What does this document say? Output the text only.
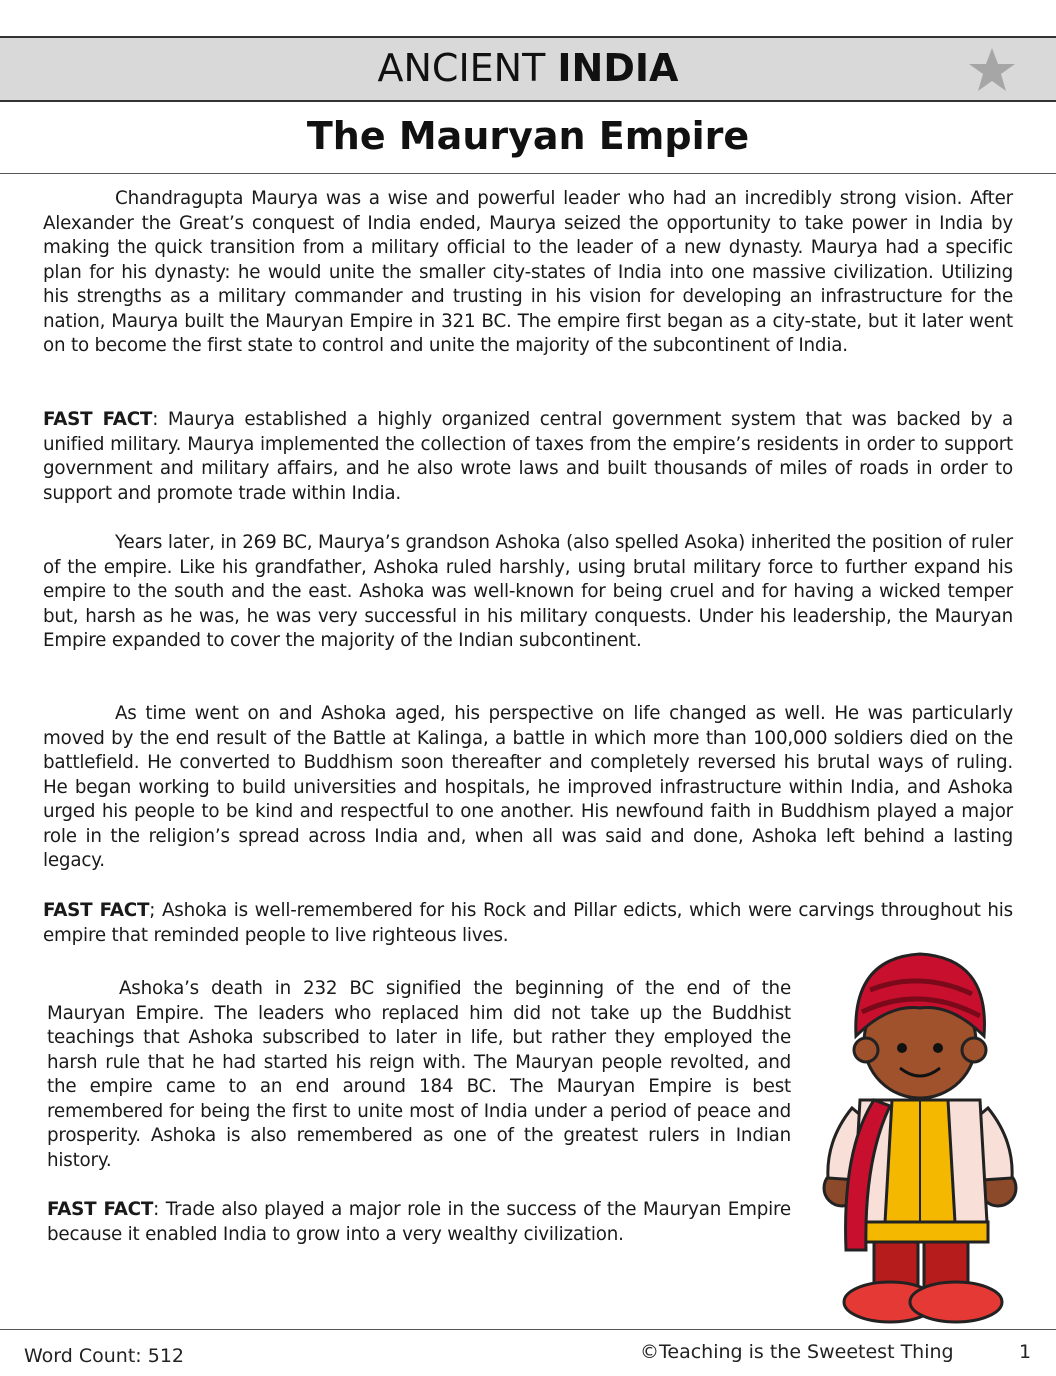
ANCIENT INDIA
The Mauryan Empire

Chandragupta Maurya was a wise and powerful leader who had an incredibly strong vision. After Alexander the Great’s conquest of India ended, Maurya seized the opportunity to take power in India by making the quick transition from a military official to the leader of a new dynasty. Maurya had a specific plan for his dynasty: he would unite the smaller city-states of India into one massive civilization. Utilizing his strengths as a military commander and trusting in his vision for developing an infrastructure for the nation, Maurya built the Mauryan Empire in 321 BC. The empire first began as a city-state, but it later went on to become the first state to control and unite the majority of the subcontinent of India.

FAST FACT: Maurya established a highly organized central government system that was backed by a unified military. Maurya implemented the collection of taxes from the empire’s residents in order to support government and military affairs, and he also wrote laws and built thousands of miles of roads in order to support and promote trade within India.

Years later, in 269 BC, Maurya’s grandson Ashoka (also spelled Asoka) inherited the position of ruler of the empire. Like his grandfather, Ashoka ruled harshly, using brutal military force to further expand his empire to the south and the east. Ashoka was well-known for being cruel and for having a wicked temper but, harsh as he was, he was very successful in his military conquests. Under his leadership, the Mauryan Empire expanded to cover the majority of the Indian subcontinent.

As time went on and Ashoka aged, his perspective on life changed as well. He was particularly moved by the end result of the Battle at Kalinga, a battle in which more than 100,000 soldiers died on the battlefield. He converted to Buddhism soon thereafter and completely reversed his brutal ways of ruling. He began working to build universities and hospitals, he improved infrastructure within India, and Ashoka urged his people to be kind and respectful to one another. His newfound faith in Buddhism played a major role in the religion’s spread across India and, when all was said and done, Ashoka left behind a lasting legacy.

FAST FACT; Ashoka is well-remembered for his Rock and Pillar edicts, which were carvings throughout his empire that reminded people to live righteous lives.

Ashoka’s death in 232 BC signified the beginning of the end of the Mauryan Empire. The leaders who replaced him did not take up the Buddhist teachings that Ashoka subscribed to later in life, but rather they employed the harsh rule that he had started his reign with. The Mauryan people revolted, and the empire came to an end around 184 BC. The Mauryan Empire is best remembered for being the first to unite most of India under a period of peace and prosperity. Ashoka is also remembered as one of the greatest rulers in Indian history.

FAST FACT: Trade also played a major role in the success of the Mauryan Empire because it enabled India to grow into a very wealthy civilization.

Word Count: 512	©Teaching is the Sweetest Thing	1
